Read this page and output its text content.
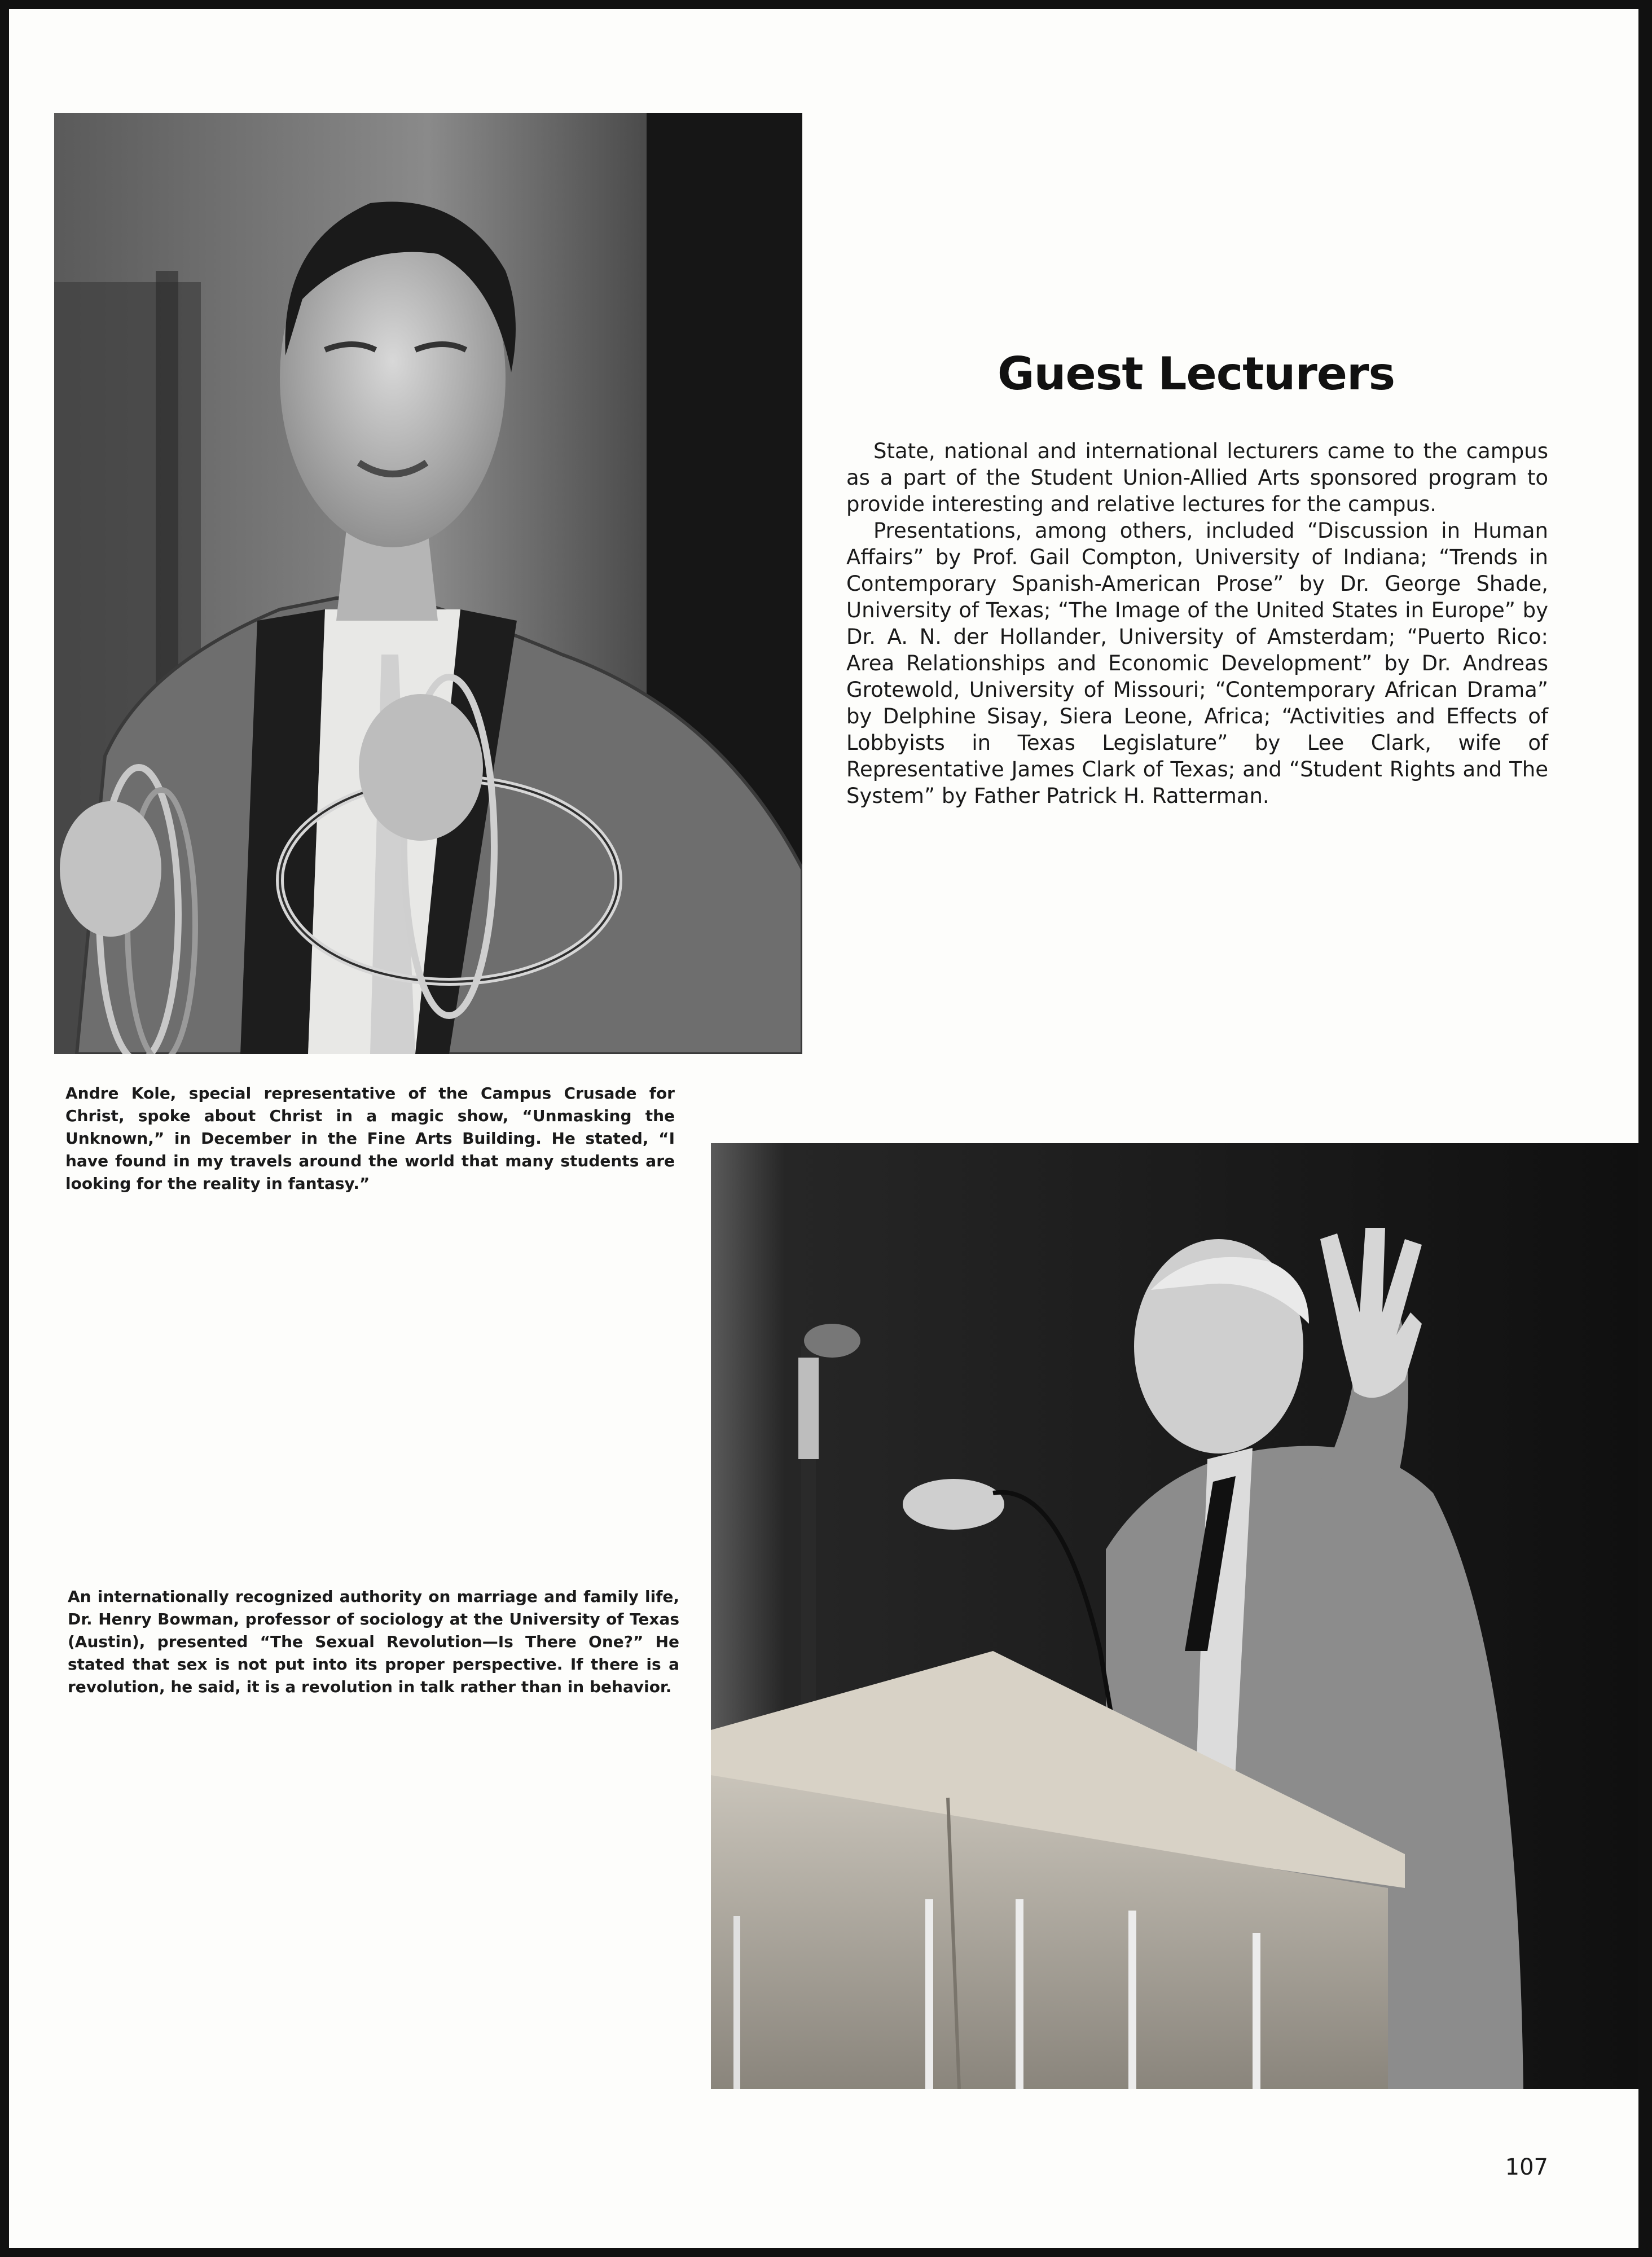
Guest Lecturers

State, national and international lecturers came to the campus as a part of the Student Union-Allied Arts sponsored program to provide interesting and relative lectures for the campus.

Presentations, among others, included “Discussion in Human Affairs” by Prof. Gail Compton, University of Indiana; “Trends in Contemporary Spanish-American Prose” by Dr. George Shade, University of Texas; “The Image of the United States in Europe” by Dr. A. N. der Hollander, University of Amsterdam; “Puerto Rico: Area Relationships and Economic Development” by Dr. Andreas Grotewold, University of Missouri; “Contemporary African Drama” by Delphine Sisay, Siera Leone, Africa; “Activities and Effects of Lobbyists in Texas Legislature” by Lee Clark, wife of Representative James Clark of Texas; and “Student Rights and The System” by Father Patrick H. Ratterman.

Andre Kole, special representative of the Campus Crusade for Christ, spoke about Christ in a magic show, “Unmasking the Unknown,” in December in the Fine Arts Building. He stated, “I have found in my travels around the world that many students are looking for the reality in fantasy.”
An internationally recognized authority on marriage and family life, Dr. Henry Bowman, professor of sociology at the University of Texas (Austin), presented “The Sexual Revolution—Is There One?” He stated that sex is not put into its proper perspective. If there is a revolution, he said, it is a revolution in talk rather than in behavior.
107
